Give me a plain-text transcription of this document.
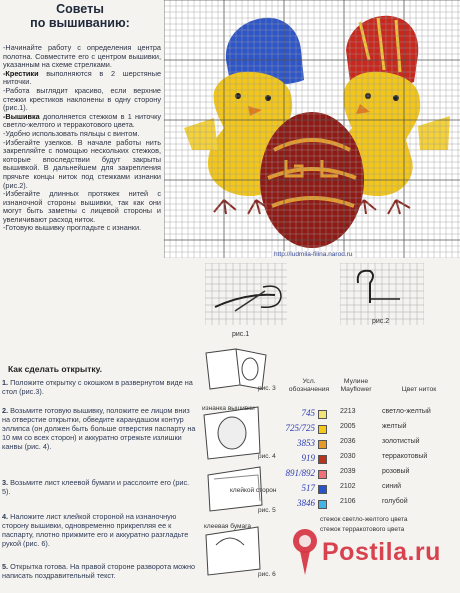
Советы
по вышиванию:
-Начинайте работу с определения центра полотна. Совместите его с центром вышивки, указанным на схеме стрелками.
-Крестики выполняются в 2 шерстяные ниточки.
-Работа выглядит красиво, если верхние стежки крестиков наклонены в одну сторону (рис.1).
-Вышивка дополняется стежком в 1 ниточку светло-желтого и терракотового цвета.
-Удобно использовать пяльцы с винтом.
-Избегайте узелков. В начале работы нить закрепляйте с помощью нескольких стежков, которые впоследствии будут закрыты вышивкой. В дальнейшем для закрепления прячьте концы ниток под стежками изнанки (рис.2).
-Избегайте длинных протяжек нитей с изнаночной стороны вышивки, так как они могут быть заметны с лицевой стороны и увеличивают расход ниток.
-Готовую вышивку прогладьте с изнанки.
http://ludmila-filina.narod.ru
рис.1
рис.2
Как сделать открытку.
1. Положите открытку с окошком в развернутом виде на стол (рис.3).
2. Возьмите готовую вышивку, положите ее лицом вниз на отверстие открытки, обведите карандашом контур эллипса (он должен быть больше отверстия паспарту на 10 мм со всех сторон) и аккуратно отрежьте излишки канвы (рис. 4).
3. Возьмите лист клеевой бумаги и расслоите его (рис. 5).
4. Наложите лист клейкой стороной на изнаночную сторону вышивки, одновременно прикрепляя ее к паспарту, плотно прижмите его и аккуратно разгладьте рукой (рис. 6).
5. Открытка готова. На правой стороне разворота можно написать поздравительный текст.
рис. 3
изнанка вышивки
рис. 4
клейкой сторон
рис. 5
клеевая бумага
рис. 6
Усл. обозначения
Мулине Mayflower	Цвет ниток
745	2213	светло-желтый
725/725	2005	желтый
3853	2036	золотистый
919	2030	терракотовый
891/892	2039	розовый
517	2102	синий
3846	2106	голубой
стежок светло-желтого цвета
стежок терракотового цвета
Postila.ru
